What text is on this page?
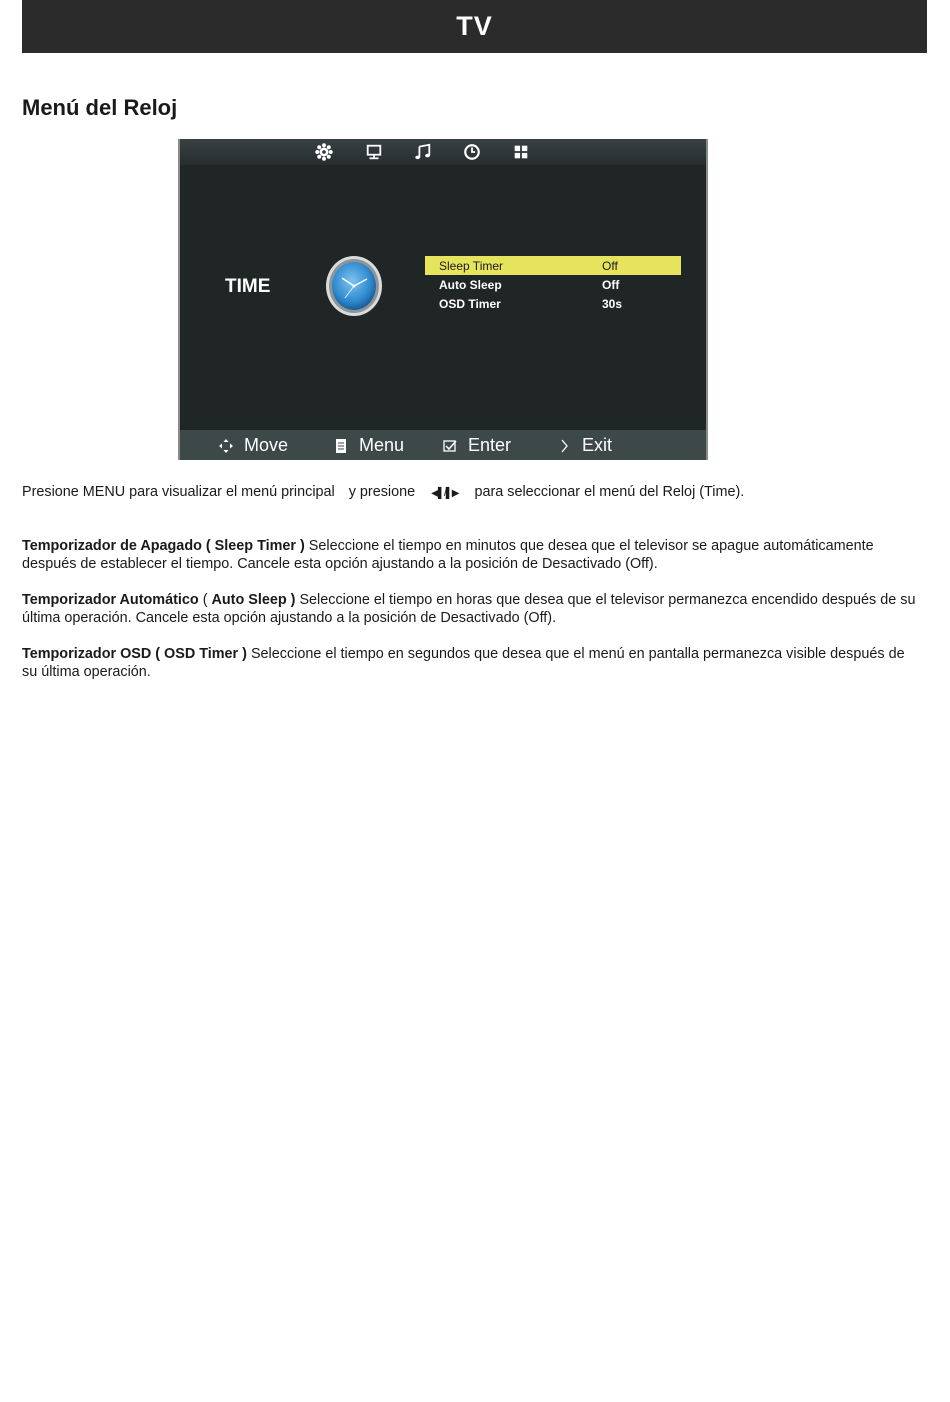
TV
Menú del Reloj
TIME
Sleep Timer	Off
Auto Sleep	Off
OSD Timer	30s
Move	Menu	Enter	Exit
Presione MENU para visualizar el menú principal y presione ◀▌/▌▶ para seleccionar el menú del Reloj (Time).
Temporizador de Apagado ( Sleep Timer ) Seleccione el tiempo en minutos que desea que el televisor se apague automáticamente después de establecer el tiempo. Cancele esta opción ajustando a la posición de Desactivado (Off).
Temporizador Automático ( Auto Sleep ) Seleccione el tiempo en horas que desea que el televisor permanezca encendido después de su última operación. Cancele esta opción ajustando a la posición de Desactivado (Off).
Temporizador OSD ( OSD Timer ) Seleccione el tiempo en segundos que desea que el menú en pantalla permanezca visible después de su última operación.
